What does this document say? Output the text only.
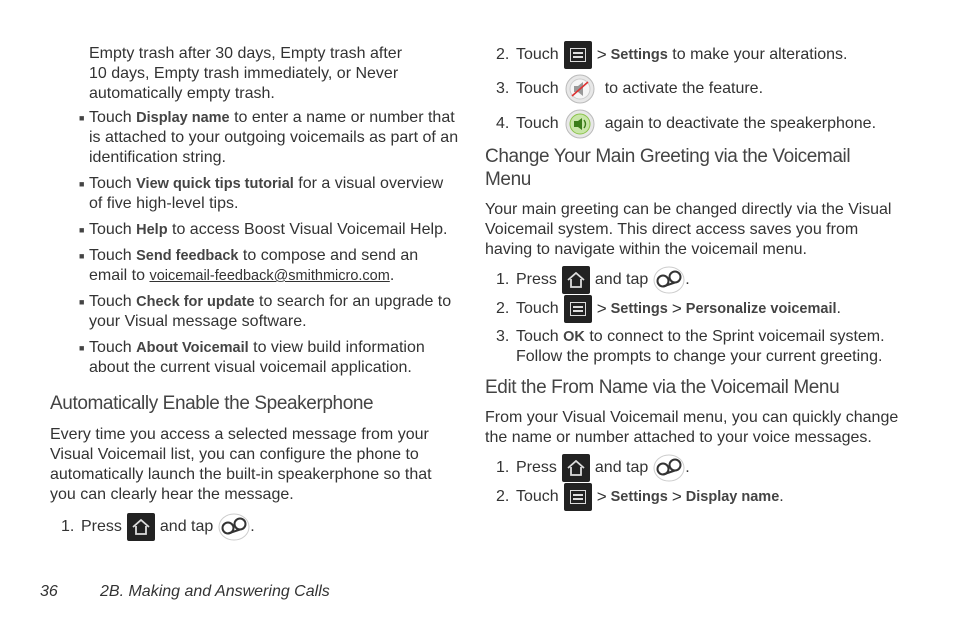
Empty trash after 30 days, Empty trash after 10 days, Empty trash immediately, or Never automatically empty trash.

■ Touch Display name to enter a name or number that is attached to your outgoing voicemails as part of an identification string.
■ Touch View quick tips tutorial for a visual overview of five high-level tips.
■ Touch Help to access Boost Visual Voicemail Help.
■ Touch Send feedback to compose and send an email to voicemail-feedback@smithmicro.com.
■ Touch Check for update to search for an upgrade to your Visual message software.
■ Touch About Voicemail to view build information about the current visual voicemail application.
Automatically Enable the Speakerphone

Every time you access a selected message from your Visual Voicemail list, you can configure the phone to automatically launch the built-in speakerphone so that you can clearly hear the message.

1. Press and tap .
2. Touch > Settings to make your alterations.
3. Touch	to activate the feature.
4. Touch	again to deactivate the speakerphone.
Change Your Main Greeting via the Voicemail Menu

Your main greeting can be changed directly via the Visual Voicemail system. This direct access saves you from having to navigate within the voicemail menu.

1. Press and tap .
2. Touch > Settings > Personalize voicemail .
3. Touch OK to connect to the Sprint voicemail system. Follow the prompts to change your current greeting.
Edit the From Name via the Voicemail Menu

From your Visual Voicemail menu, you can quickly change the name or number attached to your voice messages.

1. Press and tap .
2. Touch > Settings > Display name .
36	2B. Making and Answering Calls
